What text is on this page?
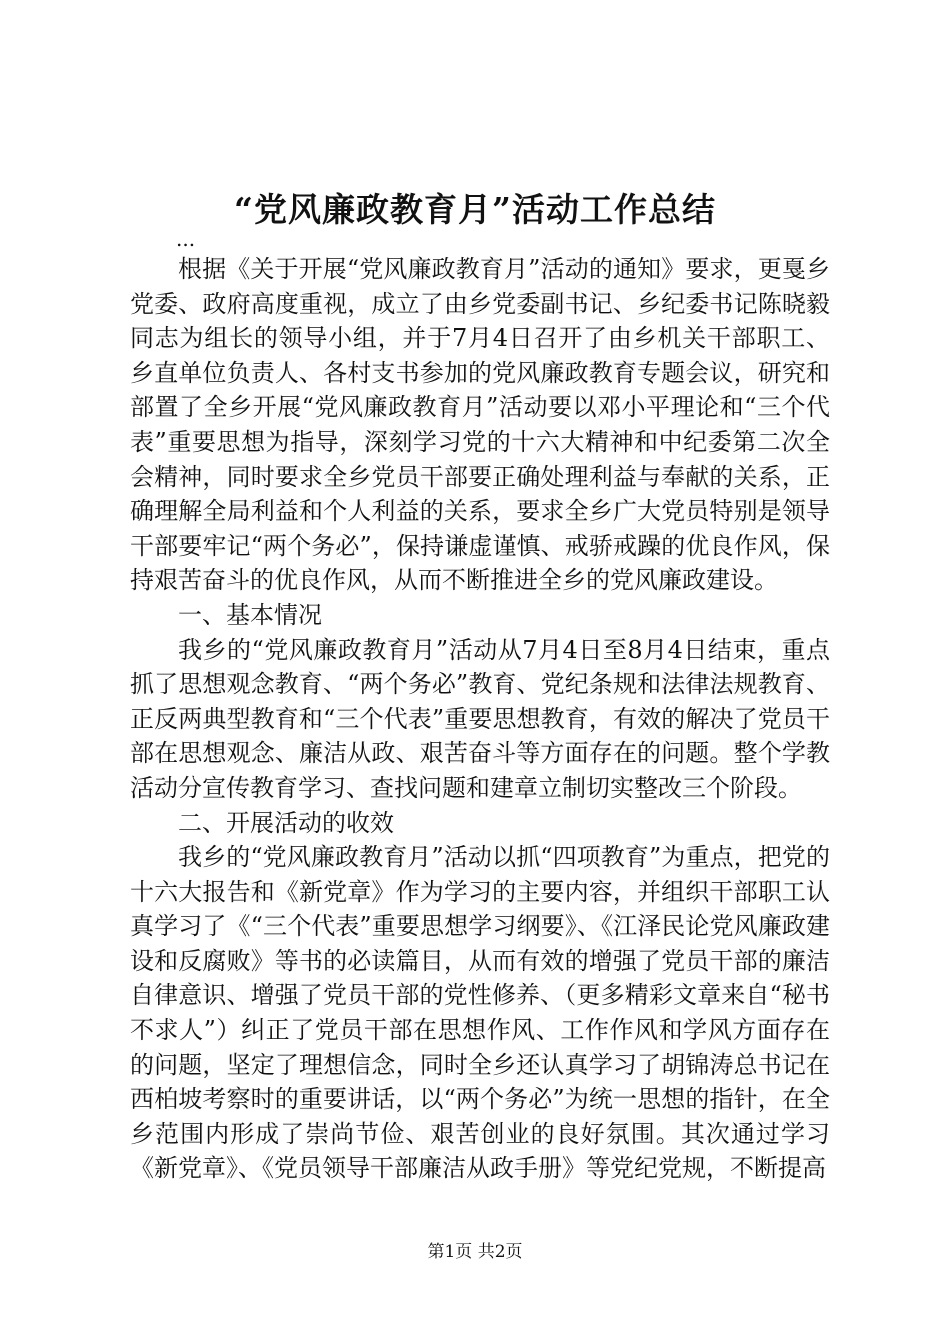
“党风廉政教育月”活动工作总结

...

根据《关于开展“党风廉政教育月”活动的通知》要求，更戛乡党委、政府高度重视，成立了由乡党委副书记、乡纪委书记陈晓毅同志为组长的领导小组，并于7月4日召开了由乡机关干部职工、乡直单位负责人、各村支书参加的党风廉政教育专题会议，研究和部置了全乡开展“党风廉政教育月”活动要以邓小平理论和“三个代表”重要思想为指导，深刻学习党的十六大精神和中纪委第二次全会精神，同时要求全乡党员干部要正确处理利益与奉献的关系，正确理解全局利益和个人利益的关系，要求全乡广大党员特别是领导干部要牢记“两个务必”，保持谦虚谨慎、戒骄戒躁的优良作风，保持艰苦奋斗的优良作风，从而不断推进全乡的党风廉政建设。

一、基本情况

我乡的“党风廉政教育月”活动从7月4日至8月4日结束，重点抓了思想观念教育、“两个务必”教育、党纪条规和法律法规教育、正反两典型教育和“三个代表”重要思想教育，有效的解决了党员干部在思想观念、廉洁从政、艰苦奋斗等方面存在的问题。整个学教活动分宣传教育学习、查找问题和建章立制切实整改三个阶段。

二、开展活动的收效

我乡的“党风廉政教育月”活动以抓“四项教育”为重点，把党的十六大报告和《新党章》作为学习的主要内容，并组织干部职工认真学习了《“三个代表”重要思想学习纲要》、《江泽民论党风廉政建设和反腐败》等书的必读篇目，从而有效的增强了党员干部的廉洁自律意识、增强了党员干部的党性修养、（更多精彩文章来自“秘书不求人”）纠正了党员干部在思想作风、工作作风和学风方面存在的问题，坚定了理想信念，同时全乡还认真学习了胡锦涛总书记在西柏坡考察时的重要讲话，以“两个务必”为统一思想的指针，在全乡范围内形成了崇尚节俭、艰苦创业的良好氛围。其次通过学习《新党章》、《党员领导干部廉洁从政手册》等党纪党规，不断提高

第1页 共2页
